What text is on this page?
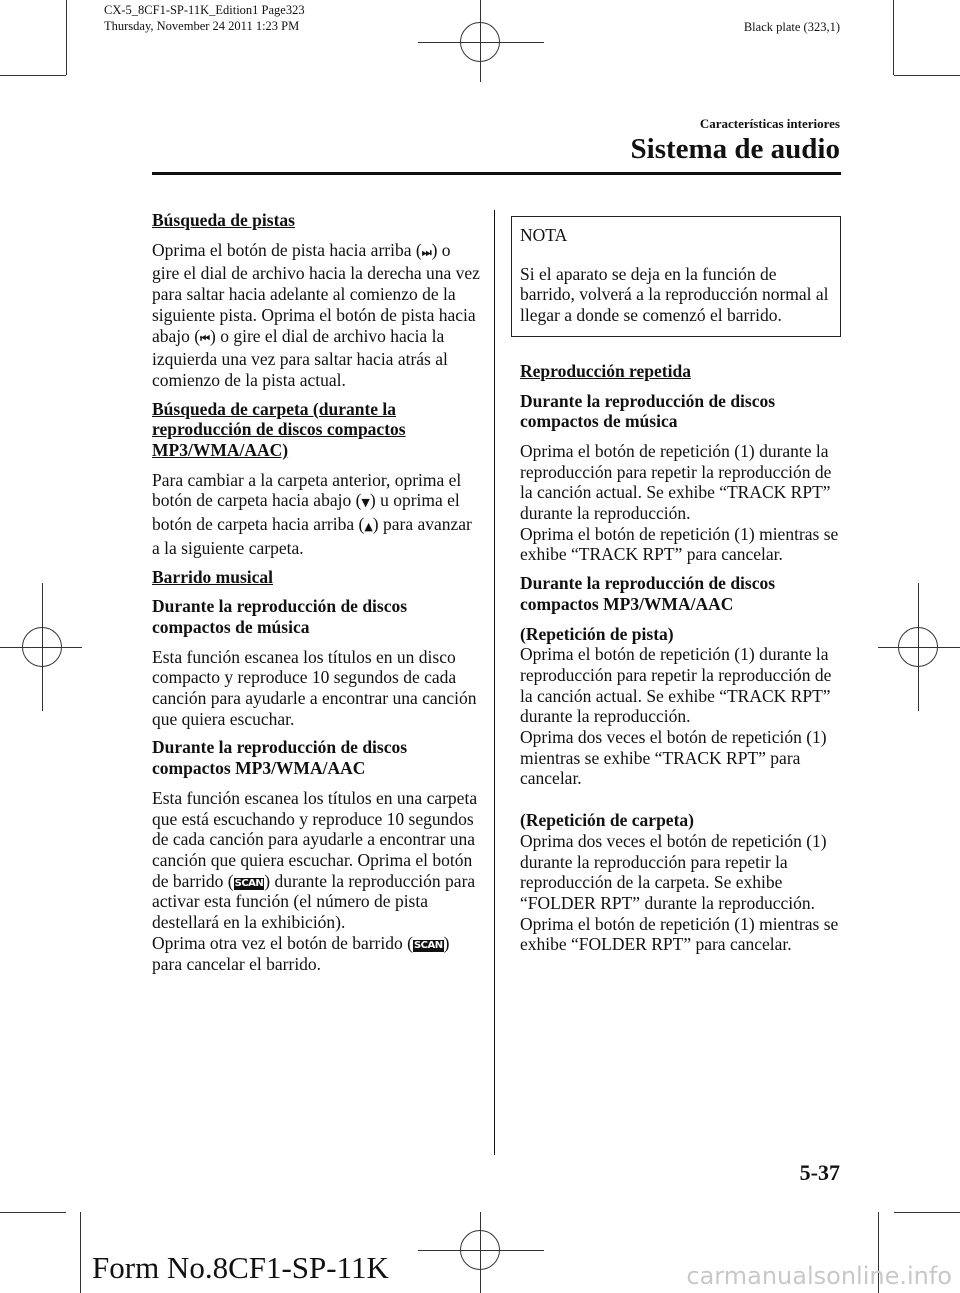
CX-5_8CF1-SP-11K_Edition1 Page323
Thursday, November 24 2011 1:23 PM	Black plate (323,1)
Características interiores
Sistema de audio

Búsqueda de pistas

Oprima el botón de pista hacia arriba (⏭) o gire el dial de archivo hacia la derecha una vez para saltar hacia adelante al comienzo de la siguiente pista. Oprima el botón de pista hacia abajo (⏮) o gire el dial de archivo hacia la izquierda una vez para saltar hacia atrás al comienzo de la pista actual.

Búsqueda de carpeta (durante la reproducción de discos compactos MP3/WMA/AAC)

Para cambiar a la carpeta anterior, oprima el botón de carpeta hacia abajo (▼) u oprima el botón de carpeta hacia arriba (▲) para avanzar a la siguiente carpeta.

Barrido musical

Durante la reproducción de discos compactos de música

Esta función escanea los títulos en un disco compacto y reproduce 10 segundos de cada canción para ayudarle a encontrar una canción que quiera escuchar.

Durante la reproducción de discos compactos MP3/WMA/AAC

Esta función escanea los títulos en una carpeta que está escuchando y reproduce 10 segundos de cada canción para ayudarle a encontrar una canción que quiera escuchar. Oprima el botón de barrido (SCAN) durante la reproducción para activar esta función (el número de pista destellará en la exhibición).
Oprima otra vez el botón de barrido (SCAN) para cancelar el barrido.

NOTA

Si el aparato se deja en la función de barrido, volverá a la reproducción normal al llegar a donde se comenzó el barrido.

Reproducción repetida

Durante la reproducción de discos compactos de música

Oprima el botón de repetición (1) durante la reproducción para repetir la reproducción de la canción actual. Se exhibe “TRACK RPT” durante la reproducción.

Oprima el botón de repetición (1) mientras se exhibe “TRACK RPT” para cancelar.

Durante la reproducción de discos compactos MP3/WMA/AAC

(Repetición de pista)

Oprima el botón de repetición (1) durante la reproducción para repetir la reproducción de la canción actual. Se exhibe “TRACK RPT” durante la reproducción.

Oprima dos veces el botón de repetición (1) mientras se exhibe “TRACK RPT” para cancelar.

(Repetición de carpeta)

Oprima dos veces el botón de repetición (1) durante la reproducción para repetir la reproducción de la carpeta. Se exhibe “FOLDER RPT” durante la reproducción.

Oprima el botón de repetición (1) mientras se exhibe “FOLDER RPT” para cancelar.

5-37
Form No.8CF1-SP-11K	carmanualsonline.info
